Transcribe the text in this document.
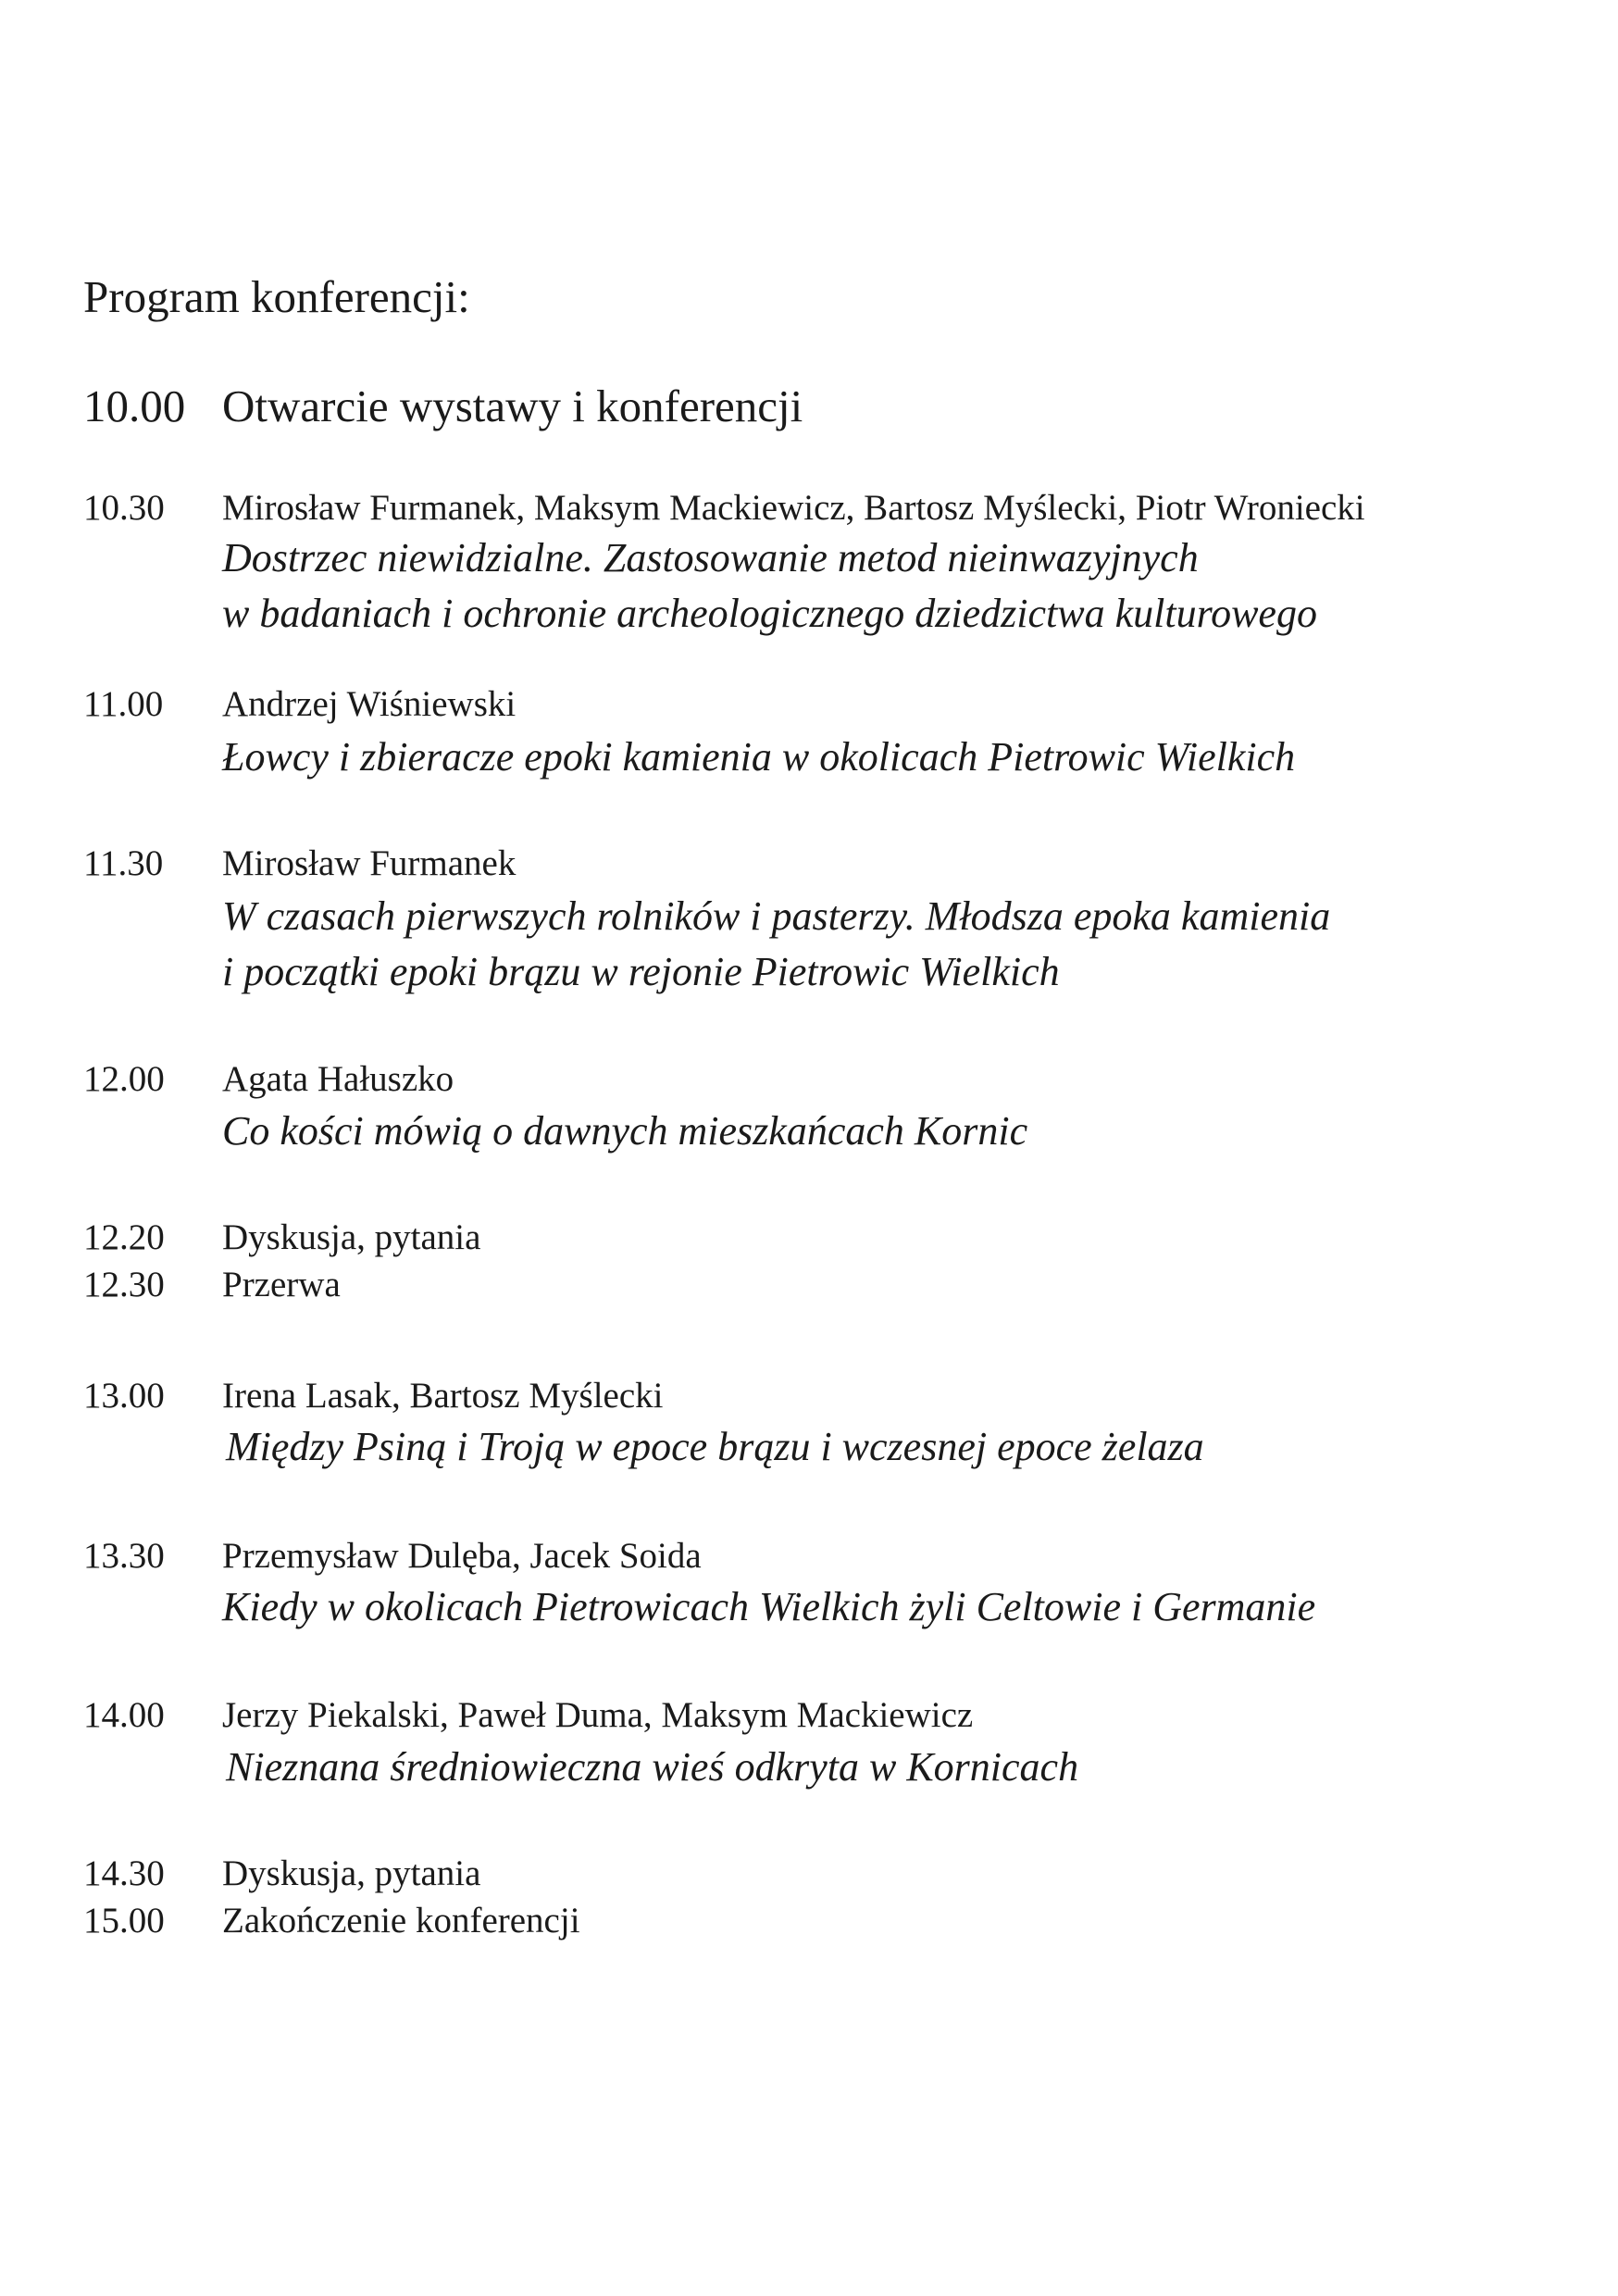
Program konferencji:
10.00 Otwarcie wystawy i konferencji
10.30 Mirosław Furmanek, Maksym Mackiewicz, Bartosz Myślecki, Piotr Wroniecki
Dostrzec niewidzialne. Zastosowanie metod nieinwazyjnych
w badaniach i ochronie archeologicznego dziedzictwa kulturowego
11.00 Andrzej Wiśniewski
Łowcy i zbieracze epoki kamienia w okolicach Pietrowic Wielkich
11.30 Mirosław Furmanek
W czasach pierwszych rolników i pasterzy. Młodsza epoka kamienia
i początki epoki brązu w rejonie Pietrowic Wielkich
12.00 Agata Hałuszko
Co kości mówią o dawnych mieszkańcach Kornic
12.20 Dyskusja, pytania
12.30 Przerwa
13.00 Irena Lasak, Bartosz Myślecki
Między Psiną i Troją w epoce brązu i wczesnej epoce żelaza
13.30 Przemysław Dulęba, Jacek Soida
Kiedy w okolicach Pietrowicach Wielkich żyli Celtowie i Germanie
14.00 Jerzy Piekalski, Paweł Duma, Maksym Mackiewicz
Nieznana średniowieczna wieś odkryta w Kornicach
14.30 Dyskusja, pytania
15.00 Zakończenie konferencji
